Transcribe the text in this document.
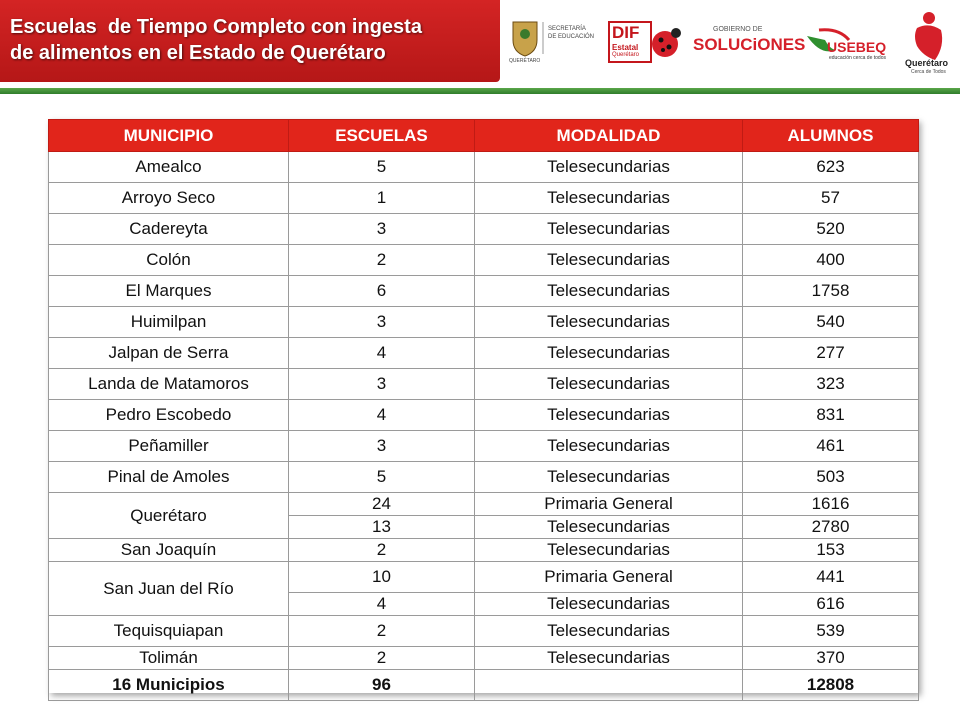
Escuelas  de Tiempo Completo con ingesta
de alimentos en el Estado de Querétaro
SECRETARÍA
DE EDUCACIÓN
QUERÉTARO
DIF
Estatal
Querétaro
GOBIERNO DE
SOLUCiONES USEBEQ
educación cerca de todos Querétaro
Cerca de Todos
MUNICIPIO	ESCUELAS	MODALIDAD	ALUMNOS
Amealco	5	Telesecundarias	623
Arroyo Seco	1	Telesecundarias	57
Cadereyta	3	Telesecundarias	520
Colón	2	Telesecundarias	400
El Marques	6	Telesecundarias	1758
Huimilpan	3	Telesecundarias	540
Jalpan de Serra	4	Telesecundarias	277
Landa de Matamoros	3	Telesecundarias	323
Pedro Escobedo	4	Telesecundarias	831
Peñamiller	3	Telesecundarias	461
Pinal de Amoles	5	Telesecundarias	503
Querétaro	24	Primaria General	1616
	13	Telesecundarias	2780
San Joaquín	2	Telesecundarias	153
San Juan del Río	10	Primaria General	441
	4	Telesecundarias	616
Tequisquiapan	2	Telesecundarias	539
Tolimán	2	Telesecundarias	370
16 Municipios	96		12808
